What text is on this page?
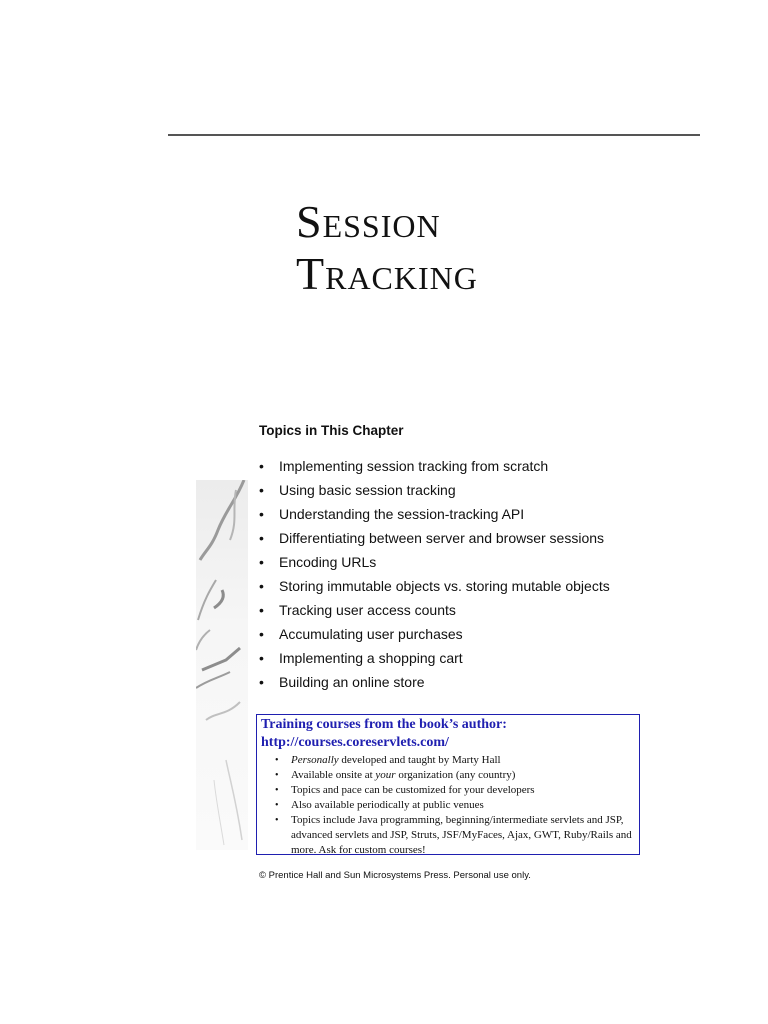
Session
Tracking
Topics in This Chapter
• Implementing session tracking from scratch
• Using basic session tracking
• Understanding the session-tracking API
• Differentiating between server and browser sessions
• Encoding URLs
• Storing immutable objects vs. storing mutable objects
• Tracking user access counts
• Accumulating user purchases
• Implementing a shopping cart
• Building an online store
Training courses from the book’s author:
http://courses.coreservlets.com/
• Personally developed and taught by Marty Hall
• Available onsite at your organization (any country)
• Topics and pace can be customized for your developers
• Also available periodically at public venues
• Topics include Java programming, beginning/intermediate servlets and JSP, advanced servlets and JSP, Struts, JSF/MyFaces, Ajax, GWT, Ruby/Rails and more. Ask for custom courses!

© Prentice Hall and Sun Microsystems Press. Personal use only.
